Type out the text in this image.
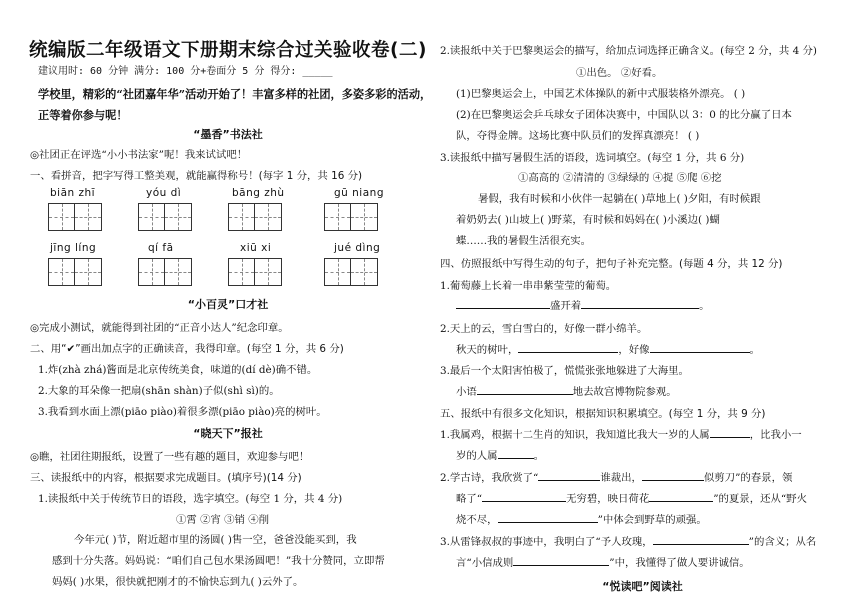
统编版二年级语文下册期末综合过关验收卷(二)
建议用时: 60 分钟 满分: 100 分+卷面分 5 分 得分: _____
学校里，精彩的“社团嘉年华”活动开始了！丰富多样的社团，多姿多彩的活动，正等着你参与呢！
“墨香”书法社
◎社团正在评选“小小书法家”呢！我来试试吧！
一、看拼音，把字写得工整美观，就能赢得称号！(每字 1 分，共 16 分)
biān zhī	yóu dì	bāng zhù	gū niang
jīng líng	qí fā	xiū xi	jué dìng
“小百灵”口才社
◎完成小测试，就能得到社团的“正音小达人”纪念印章。
二、用“✔”画出加点字的正确读音，我得印章。(每空 1 分，共 6 分)
1.炸(zhà zhá)酱面是北京传统美食，味道的(dí dè)确不错。
2.大象的耳朵像一把扇(shān shàn)子似(shì sì)的。
3.我看到水面上漂(piāo piào)着很多漂(piāo piào)亮的树叶。
“晓天下”报社
◎瞧，社团往期报纸，设置了一些有趣的题目，欢迎参与吧！
三、读报纸中的内容，根据要求完成题目。(填序号)(14 分)
1.读报纸中关于传统节日的语段，选字填空。(每空 1 分，共 4 分)
①霄 ②宵 ③销 ④削
今年元( )节，附近超市里的汤圆( )售一空，爸爸没能买到，我
感到十分失落。妈妈说：“咱们自己包水果汤圆吧！”我十分赞同，立即帮
妈妈( )水果，很快就把刚才的不愉快忘到九( )云外了。
2.读报纸中关于巴黎奥运会的描写，给加点词选择正确含义。(每空 2 分，共 4 分)
①出色。 ②好看。
(1)巴黎奥运会上，中国艺术体操队的新中式服装格外漂亮。 ( )
(2)在巴黎奥运会乒乓球女子团体决赛中，中国队以 3：0 的比分赢了日本
队，夺得金牌。这场比赛中队员们的发挥真漂亮！ ( )
3.读报纸中描写暑假生活的语段，选词填空。(每空 1 分，共 6 分)
①高高的 ②清清的 ③绿绿的 ④捉 ⑤爬 ⑥挖
暑假，我有时候和小伙伴一起躺在( )草地上( )夕阳，有时候跟
着奶奶去( )山坡上( )野菜，有时候和妈妈在( )小溪边( )蝴
蝶……我的暑假生活很充实。
四、仿照报纸中写得生动的句子，把句子补充完整。(每题 4 分，共 12 分)
1.葡萄藤上长着一串串紫莹莹的葡萄。
盛开着	。
2.天上的云，雪白雪白的，好像一群小绵羊。
秋天的树叶，	，好像	。
3.最后一个太阳害怕极了，慌慌张张地躲进了大海里。
小语	地去故宫博物院参观。
五、报纸中有很多文化知识，根据知识积累填空。(每空 1 分，共 9 分)
1.我属鸡，根据十二生肖的知识，我知道比我大一岁的人属	，比我小一
岁的人属	。
2.学古诗，我欣赏了“	谁裁出，	似剪刀”的春景，领
略了“	无穷碧，映日荷花	”的夏景，还从“野火
烧不尽，	”中体会到野草的顽强。
3.从雷锋叔叔的事迹中，我明白了“予人玫瑰，	”的含义；从名
言“小信成则	”中，我懂得了做人要讲诚信。
“悦读吧”阅读社
